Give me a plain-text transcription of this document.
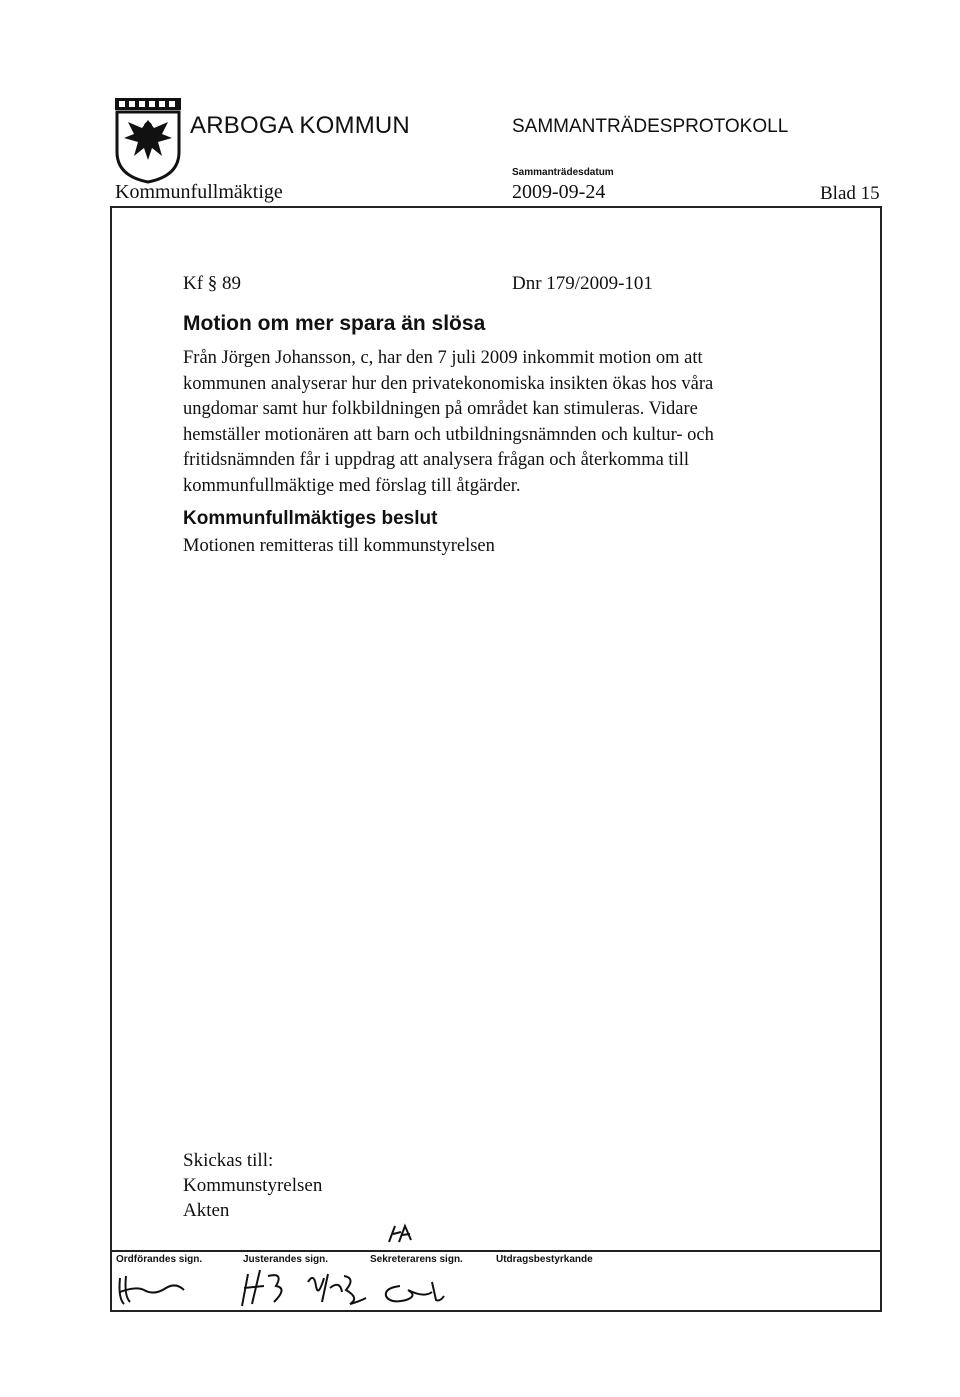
ARBOGA KOMMUN	SAMMANTRÄDESPROTOKOLL
Kommunfullmäktige
Sammanträdesdatum
2009-09-24	Blad 15
Kf § 89	Dnr 179/2009-101
Motion om mer spara än slösa
Från Jörgen Johansson, c, har den 7 juli 2009 inkommit motion om att
kommunen analyserar hur den privatekonomiska insikten ökas hos våra
ungdomar samt hur folkbildningen på området kan stimuleras. Vidare
hemställer motionären att barn och utbildningsnämnden och kultur- och
fritidsnämnden får i uppdrag att analysera frågan och återkomma till
kommunfullmäktige med förslag till åtgärder.
Kommunfullmäktiges beslut
Motionen remitteras till kommunstyrelsen
Skickas till:
Kommunstyrelsen
Akten
Ordförandes sign.	Justerandes sign.	Sekreterarens sign.	Utdragsbestyrkande
